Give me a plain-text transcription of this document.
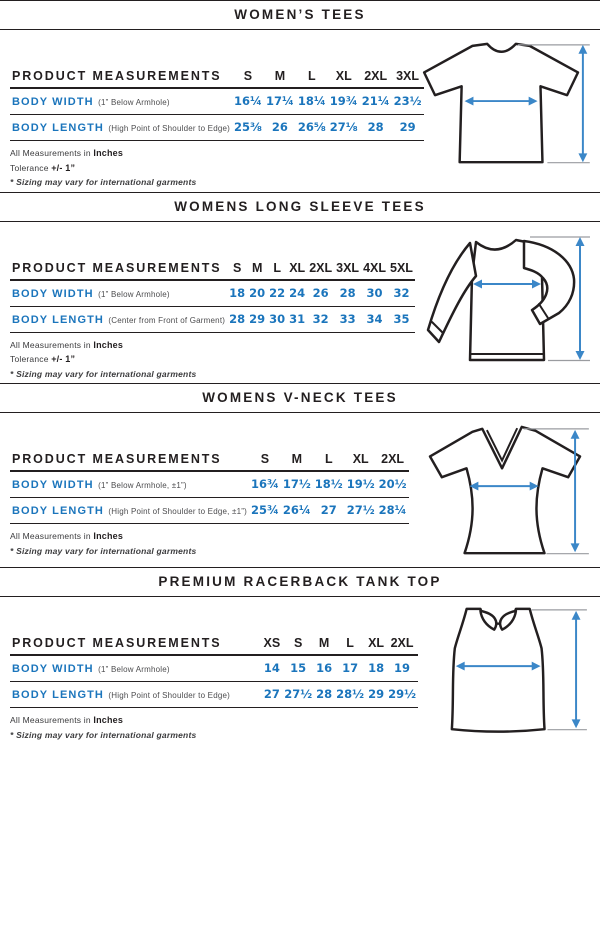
WOMEN’S TEES
PRODUCT MEASUREMENTS	S	M	L	XL	2XL	3XL
BODY WIDTH (1” Below Armhole)	16¼	17¼	18¼	19¾	21¼	23½
BODY LENGTH (High Point of Shoulder to Edge)	25⅜	26	26⅝	27⅛	28	29

All Measurements in Inches

Tolerance +/- 1”

* Sizing may vary for international garments

WOMENS LONG SLEEVE TEES
PRODUCT MEASUREMENTS	S	M	L	XL	2XL	3XL	4XL	5XL
BODY WIDTH (1” Below Armhole)	18	20	22	24	26	28	30	32
BODY LENGTH (Center from Front of Garment)	28	29	30	31	32	33	34	35

All Measurements in Inches

Tolerance +/- 1”

* Sizing may vary for international garments

WOMENS V-NECK TEES
PRODUCT MEASUREMENTS	S	M	L	XL	2XL
BODY WIDTH (1” Below Armhole, ±1”)	16¾	17½	18½	19½	20½
BODY LENGTH (High Point of Shoulder to Edge, ±1”)	25¾	26¼	27	27½	28¼

All Measurements in Inches

* Sizing may vary for international garments

PREMIUM RACERBACK TANK TOP
PRODUCT MEASUREMENTS	XS	S	M	L	XL	2XL
BODY WIDTH (1” Below Armhole)	14	15	16	17	18	19
BODY LENGTH (High Point of Shoulder to Edge)	27	27½	28	28½	29	29½

All Measurements in Inches

* Sizing may vary for international garments
